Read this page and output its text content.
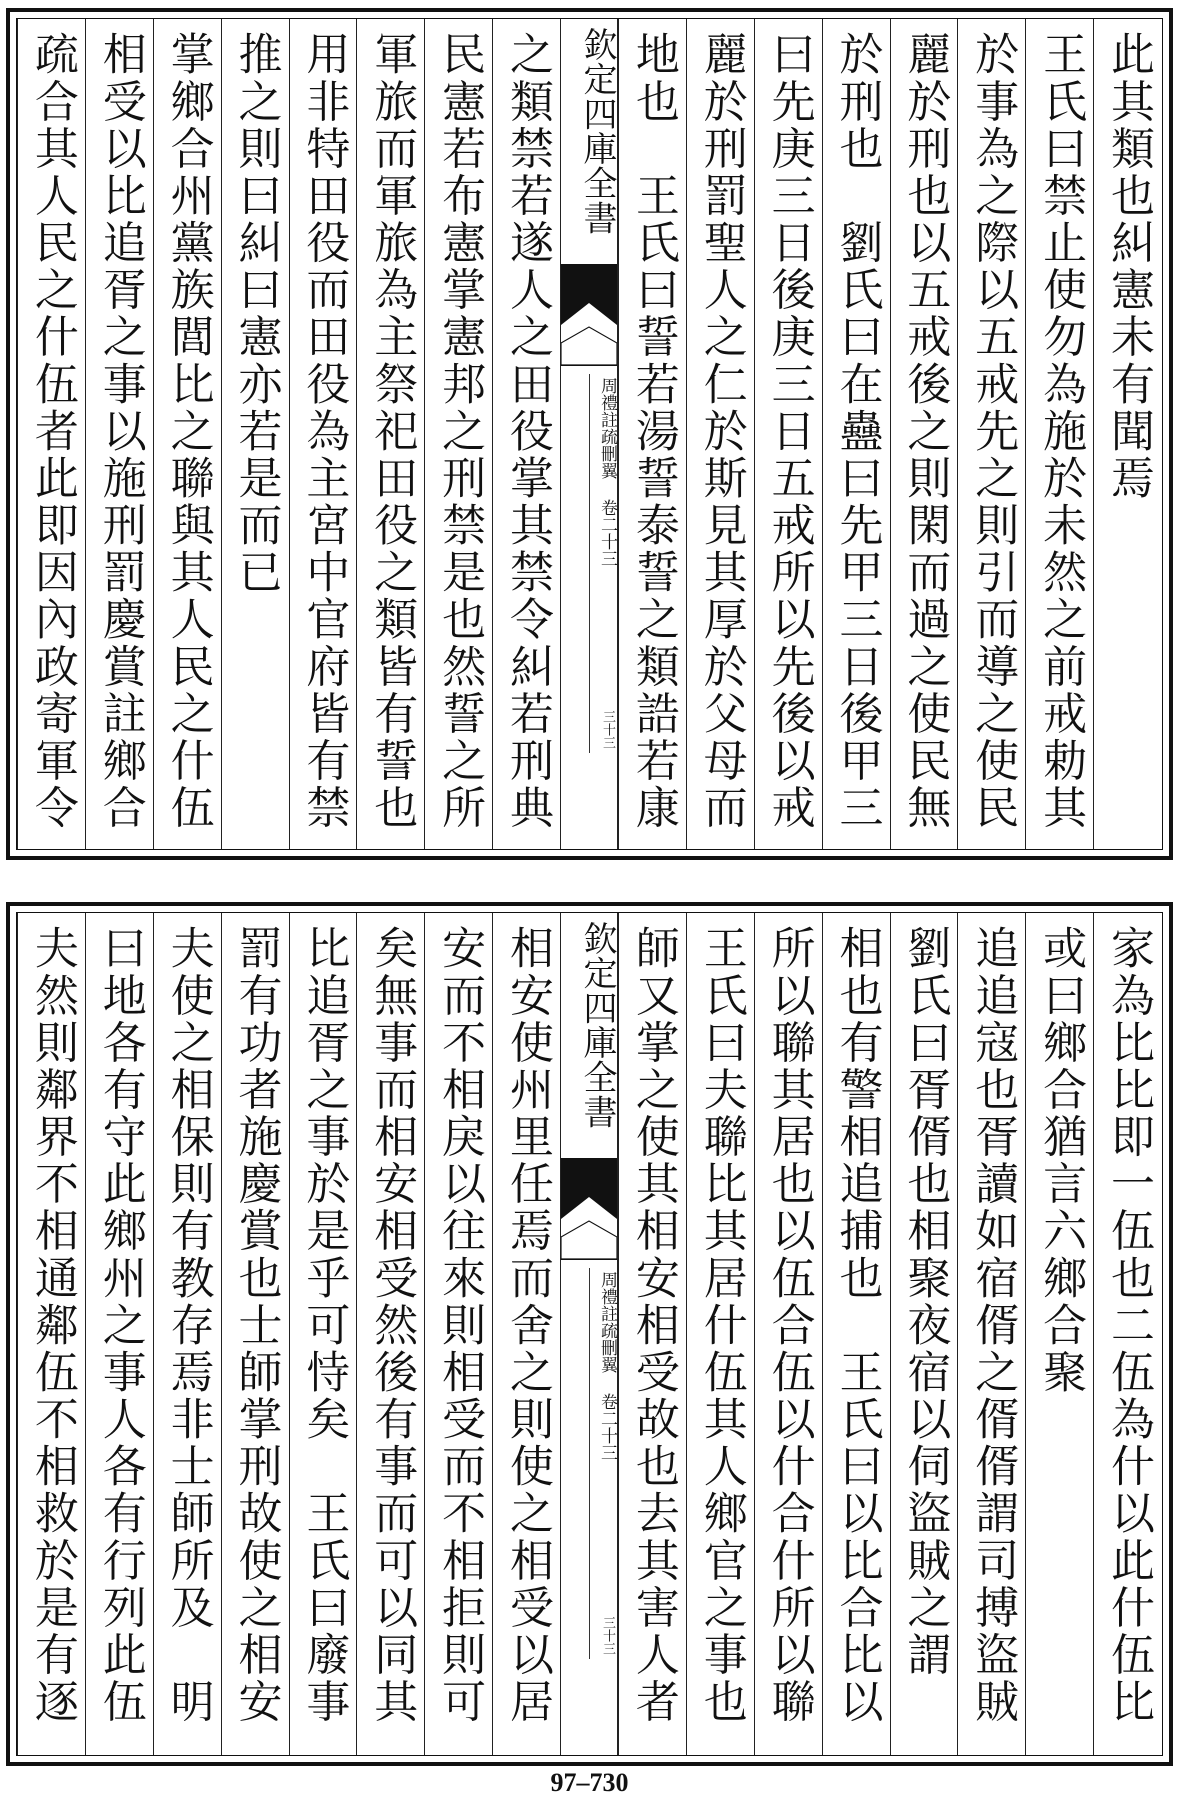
此其類也糾憲未有聞焉
王氏曰禁止使勿為施於未然之前戒勅其
於事為之際以五戒先之則引而導之使民
麗於刑也以五戒後之則閑而過之使民無
於刑也　劉氏曰在蠱曰先甲三日後甲三
曰先庚三日後庚三日五戒所以先後以戒
麗於刑罰聖人之仁於斯見其厚於父母而
地也　王氏曰誓若湯誓泰誓之類誥若康
之類禁若遂人之田役掌其禁令糾若刑典
民憲若布憲掌憲邦之刑禁是也然誓之所
軍旅而軍旅為主祭祀田役之類皆有誓也
用非特田役而田役為主宮中官府皆有禁
推之則曰糾曰憲亦若是而已
掌鄉合州黨族閭比之聯與其人民之什伍
相受以比追胥之事以施刑罰慶賞註鄉合
疏合其人民之什伍者此即因內政寄軍令
欽定四庫全書
周禮註疏刪翼 卷二十三
三十三
家為比比即一伍也二伍為什以此什伍比
或曰鄉合猶言六鄉合聚
追追寇也胥讀如宿偦之偦偦謂司搏盜賊
劉氏曰胥偦也相聚夜宿以伺盜賊之謂　
相也有警相追捕也　王氏曰以比合比以
所以聯其居也以伍合伍以什合什所以聯
王氏曰夫聯比其居什伍其人鄉官之事也
師又掌之使其相安相受故也去其害人者
相安使州里任焉而舍之則使之相受以居
安而不相戾以往來則相受而不相拒則可
矣無事而相安相受然後有事而可以同其
比追胥之事於是乎可恃矣　王氏曰廢事
罰有功者施慶賞也士師掌刑故使之相安
夫使之相保則有教存焉非士師所及　明
曰地各有守此鄉州之事人各有行列此伍
夫然則鄰界不相通鄰伍不相救於是有逐
欽定四庫全書
周禮註疏刪翼 卷二十三
三十三
97–730
